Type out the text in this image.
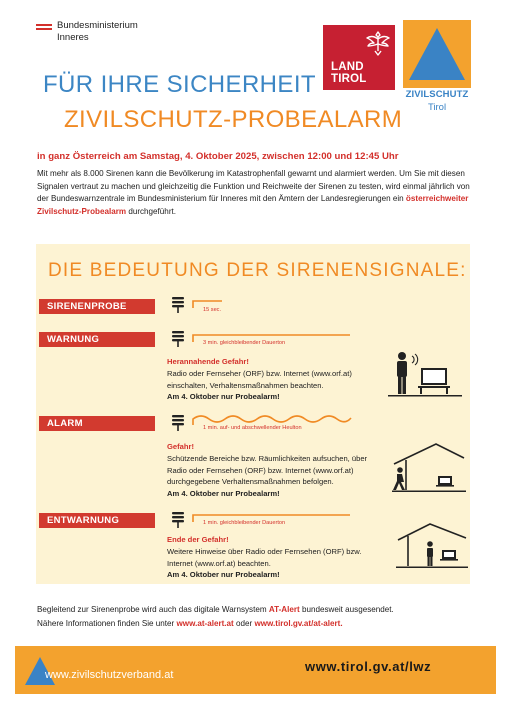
Bundesministerium
Inneres
LAND
TIROL
ZIVILSCHUTZ
Tirol
FÜR IHRE SICHERHEIT
ZIVILSCHUTZ-PROBEALARM
in ganz Österreich am Samstag, 4. Oktober 2025, zwischen 12:00 und 12:45 Uhr
Mit mehr als 8.000 Sirenen kann die Bevölkerung im Katastrophenfall gewarnt und alarmiert werden. Um Sie mit diesen Signalen vertraut zu machen und gleichzeitig die Funktion und Reichweite der Sirenen zu testen, wird einmal jährlich von der Bundeswarnzentrale im Bundesministerium für Inneres mit den Ämtern der Landesregierungen ein österreichweiter Zivilschutz-Probealarm durchgeführt.
DIE BEDEUTUNG DER SIRENENSIGNALE:
SIRENENPROBE	15 sec.
WARNUNG	3 min. gleichbleibender Dauerton
Herannahende Gefahr!
Radio oder Fernseher (ORF) bzw. Internet (www.orf.at) einschalten, Verhaltensmaßnahmen beachten.
Am 4. Oktober nur Probealarm!
ALARM	1 min. auf- und abschwellender Heulton
Gefahr!
Schützende Bereiche bzw. Räumlichkeiten aufsuchen, über Radio oder Fernsehen (ORF) bzw. Internet (www.orf.at) durchgegebene Verhaltensmaßnahmen befolgen.
Am 4. Oktober nur Probealarm!
ENTWARNUNG	1 min. gleichbleibender Dauerton
Ende der Gefahr!
Weitere Hinweise über Radio oder Fernsehen (ORF) bzw. Internet (www.orf.at) beachten.
Am 4. Oktober nur Probealarm!
Begleitend zur Sirenenprobe wird auch das digitale Warnsystem AT-Alert bundesweit ausgesendet.
Nähere Informationen finden Sie unter www.at-alert.at oder www.tirol.gv.at/at-alert.
www.zivilschutzverband.at
www.tirol.gv.at/lwz
